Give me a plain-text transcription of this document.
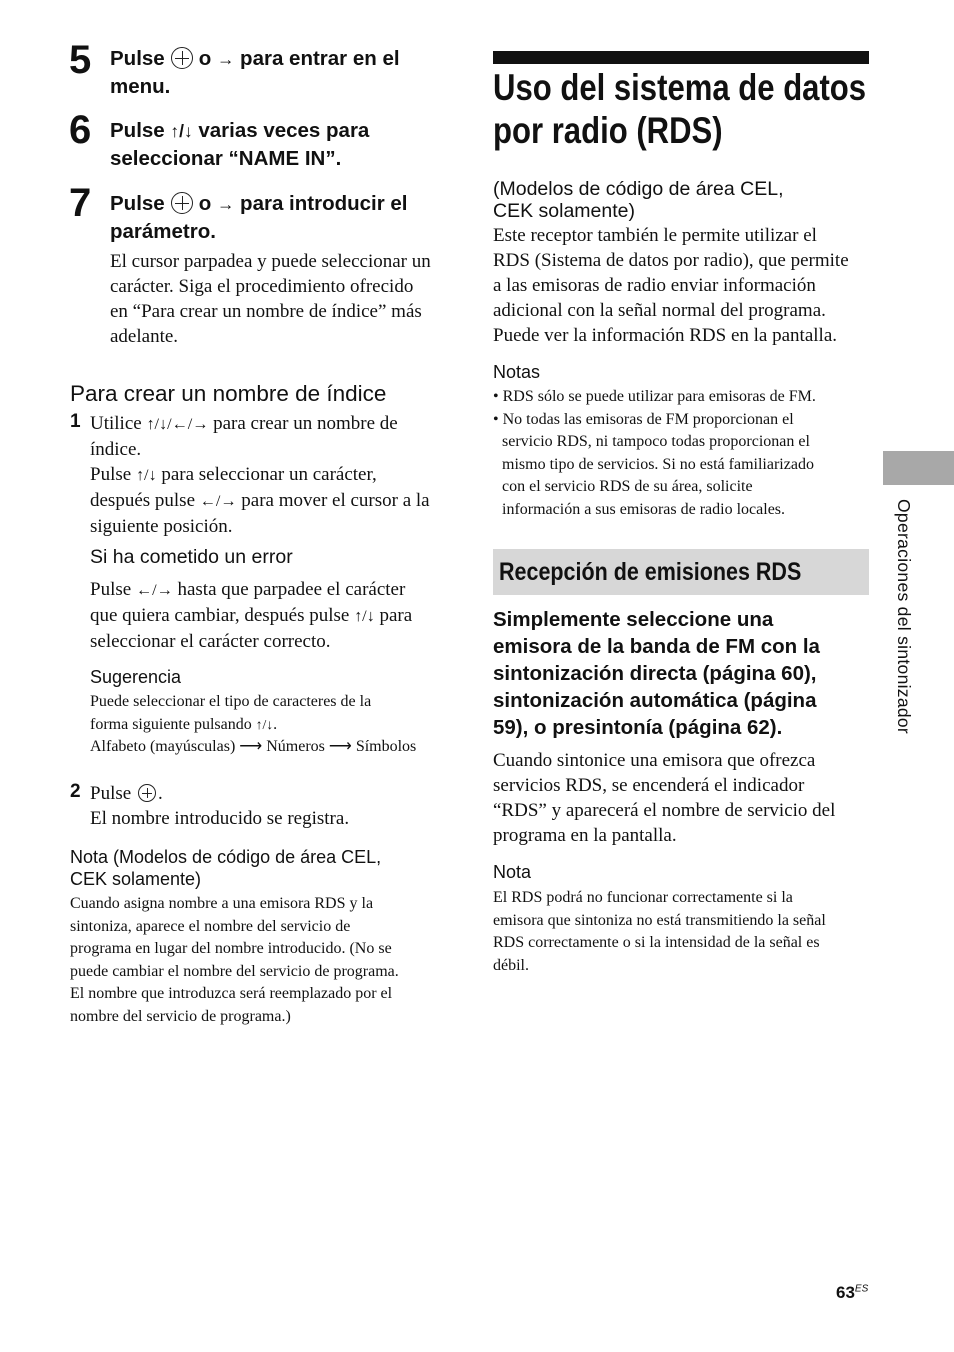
5 Pulse o → para entrar en el
menu.
6 Pulse ↑/↓ varias veces para
seleccionar “NAME IN”.
7 Pulse o → para introducir el
parámetro.
El cursor parpadea y puede seleccionar un
carácter. Siga el procedimiento ofrecido
en “Para crear un nombre de índice” más
adelante.
Para crear un nombre de índice
1 Utilice ↑/↓/←/→ para crear un nombre de
índice.
Pulse ↑/↓ para seleccionar un carácter,
después pulse ←/→ para mover el cursor a la
siguiente posición.
Si ha cometido un error
Pulse ←/→ hasta que parpadee el carácter
que quiera cambiar, después pulse ↑/↓ para
seleccionar el carácter correcto.
Sugerencia
Puede seleccionar el tipo de caracteres de la
forma siguiente pulsando ↑/↓.
Alfabeto (mayúsculas) ⟶ Números ⟶ Símbolos
2 Pulse .
El nombre introducido se registra.
Nota (Modelos de código de área CEL,
CEK solamente)
Cuando asigna nombre a una emisora RDS y la
sintoniza, aparece el nombre del servicio de
programa en lugar del nombre introducido. (No se
puede cambiar el nombre del servicio de programa.
El nombre que introduzca será reemplazado por el
nombre del servicio de programa.)
Uso del sistema de datos
por radio (RDS)
(Modelos de código de área CEL,
CEK solamente)
Este receptor también le permite utilizar el
RDS (Sistema de datos por radio), que permite
a las emisoras de radio enviar información
adicional con la señal normal del programa.
Puede ver la información RDS en la pantalla.
Notas
• RDS sólo se puede utilizar para emisoras de FM.
• No todas las emisoras de FM proporcionan el
servicio RDS, ni tampoco todas proporcionan el
mismo tipo de servicios. Si no está familiarizado
con el servicio RDS de su área, solicite
información a sus emisoras de radio locales.
Recepción de emisiones RDS
Simplemente seleccione una
emisora de la banda de FM con la
sintonización directa (página 60),
sintonización automática (página
59), o presintonía (página 62).
Cuando sintonice una emisora que ofrezca
servicios RDS, se encenderá el indicador
“RDS” y aparecerá el nombre de servicio del
programa en la pantalla.
Nota
El RDS podrá no funcionar correctamente si la
emisora que sintoniza no está transmitiendo la señal
RDS correctamente o si la intensidad de la señal es
débil.
Operaciones del sintonizador
$63^{ES}$
